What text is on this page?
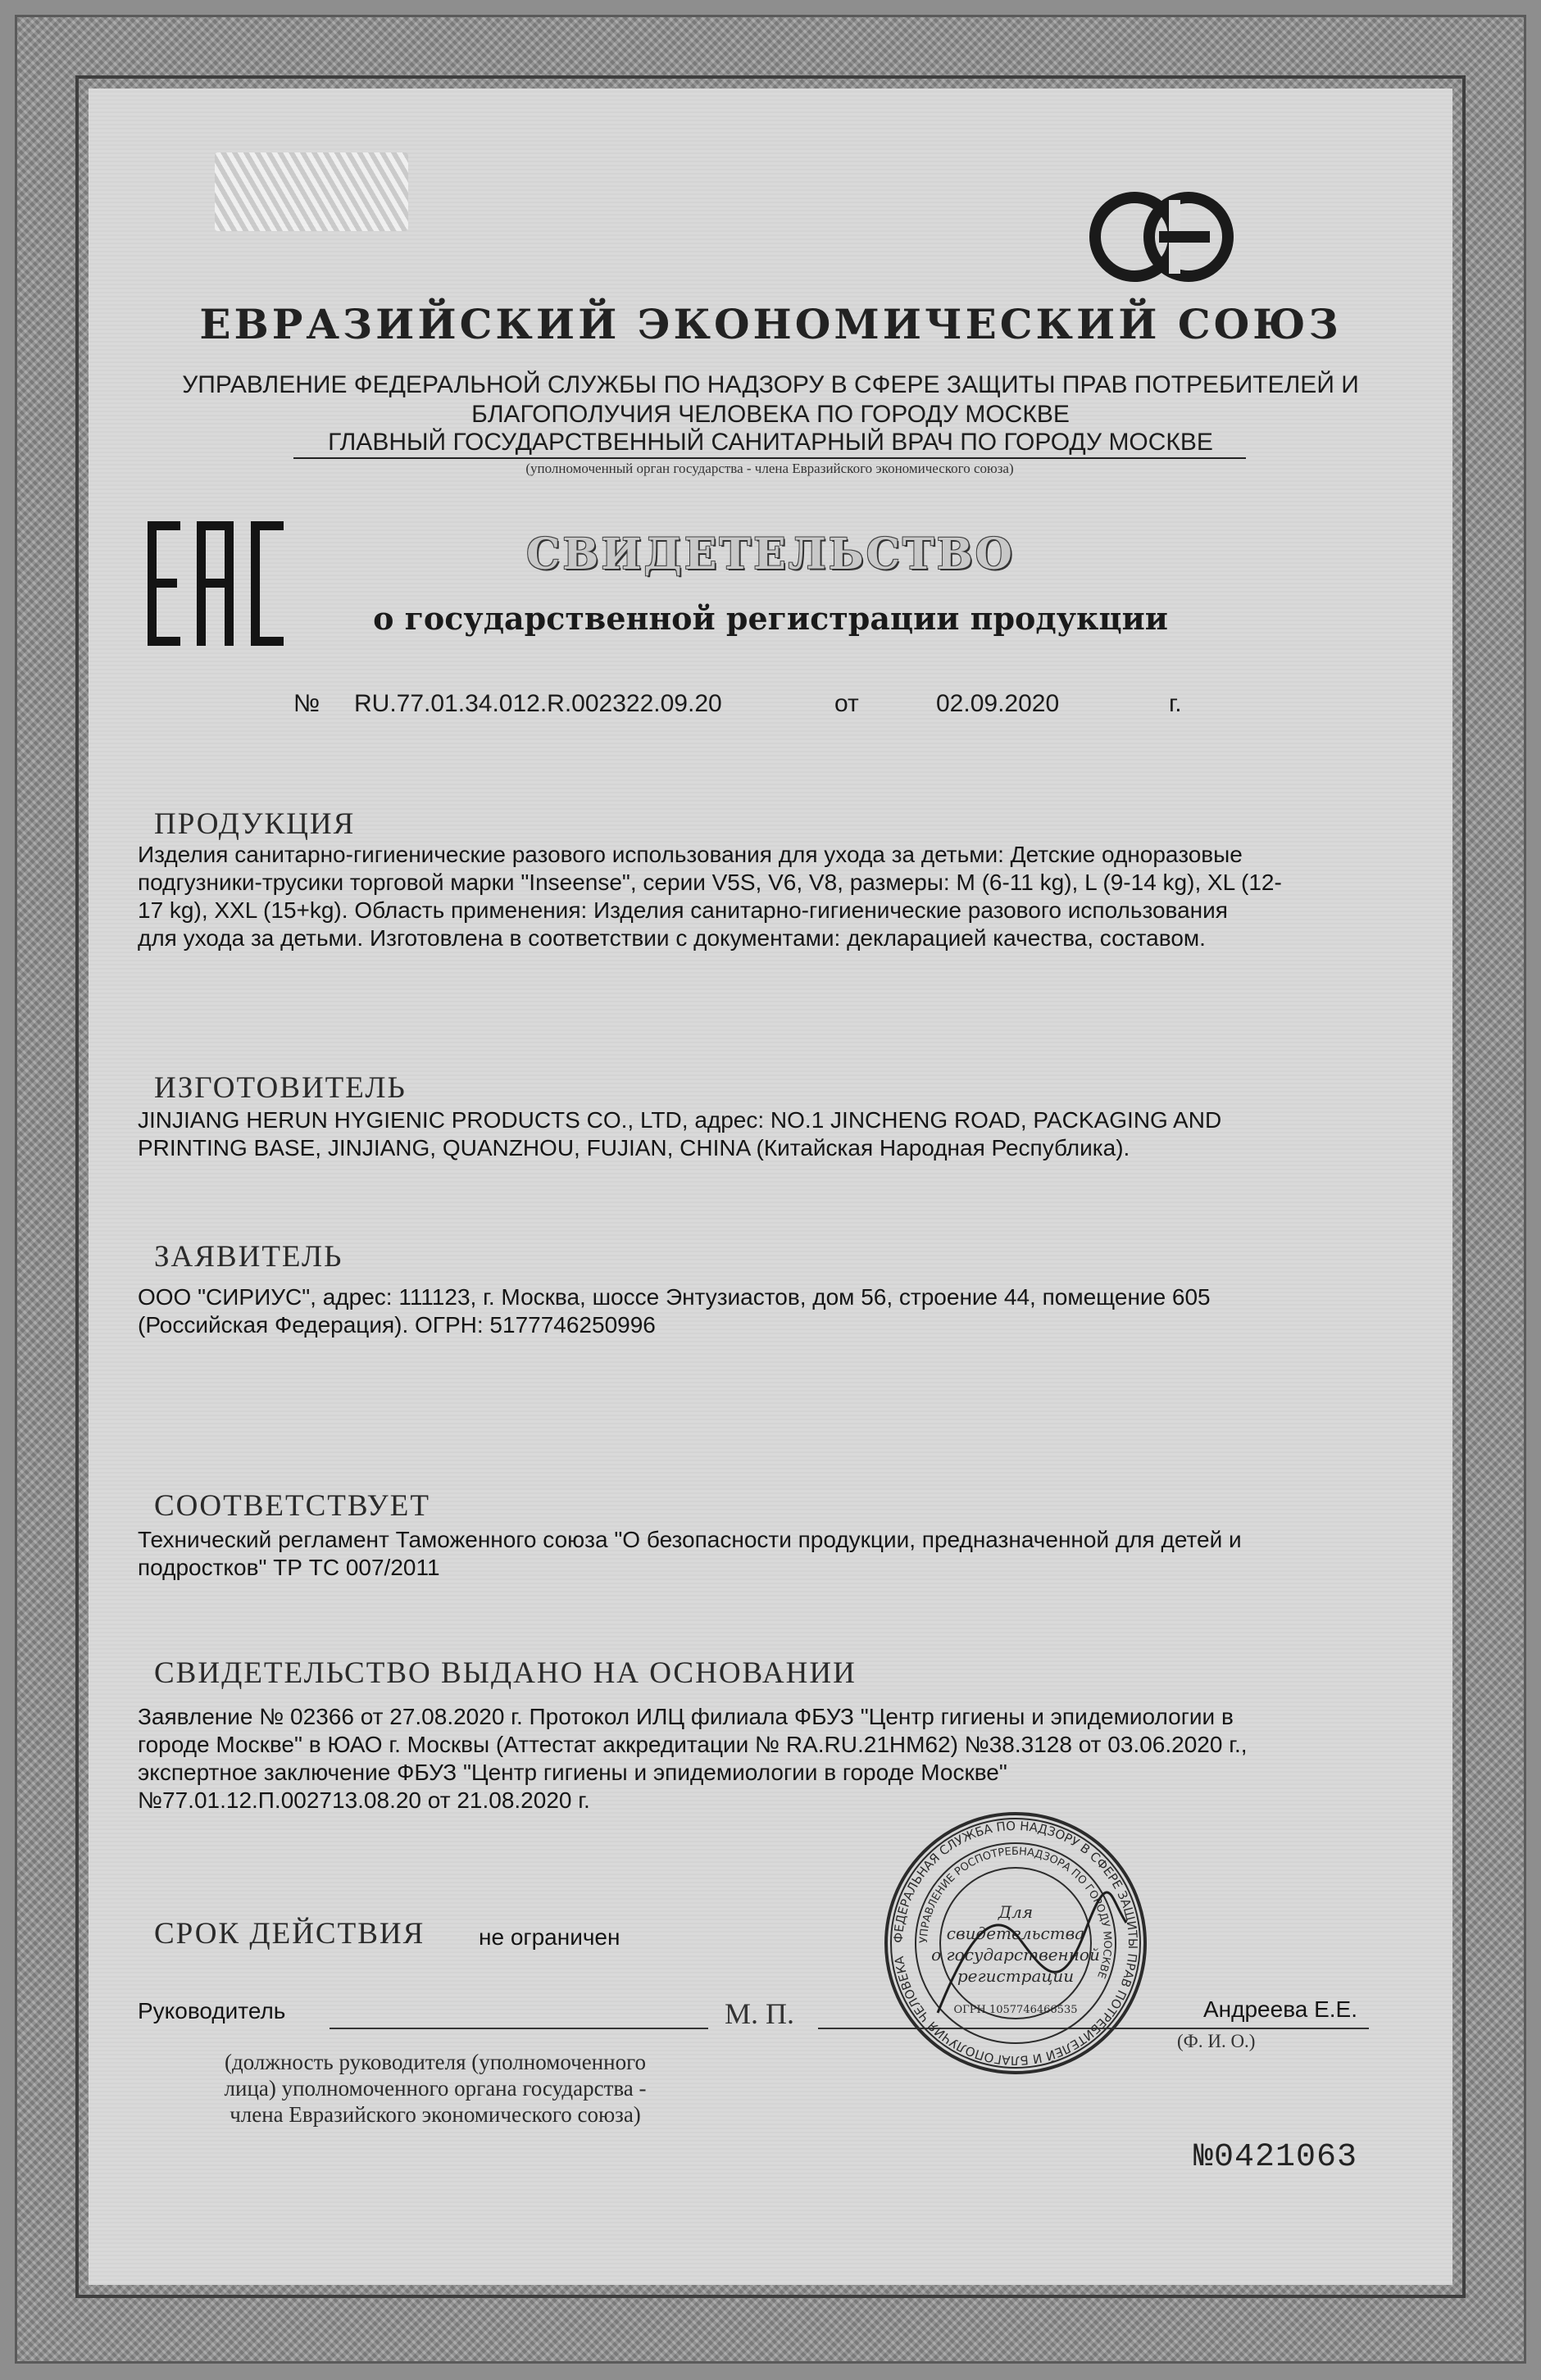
ЕВРАЗИЙСКИЙ ЭКОНОМИЧЕСКИЙ СОЮЗ
УПРАВЛЕНИЕ ФЕДЕРАЛЬНОЙ СЛУЖБЫ ПО НАДЗОРУ В СФЕРЕ ЗАЩИТЫ ПРАВ ПОТРЕБИТЕЛЕЙ И
БЛАГОПОЛУЧИЯ ЧЕЛОВЕКА ПО ГОРОДУ МОСКВЕ
ГЛАВНЫЙ ГОСУДАРСТВЕННЫЙ САНИТАРНЫЙ ВРАЧ ПО ГОРОДУ МОСКВЕ
(уполномоченный орган государства - члена Евразийского экономического союза)
СВИДЕТЕЛЬСТВО
о государственной регистрации продукции
№ RU.77.01.34.012.R.002322.09.20	от	02.09.2020	г.
ПРОДУКЦИЯ
Изделия санитарно-гигиенические разового использования для ухода за детьми: Детские одноразовые
подгузники-трусики торговой марки "Inseense", серии V5S, V6, V8, размеры: M (6-11 kg), L (9-14 kg), XL (12-
17 kg), XXL (15+kg). Область применения: Изделия санитарно-гигиенические разового использования
для ухода за детьми. Изготовлена в соответствии с документами: декларацией качества, составом.
ИЗГОТОВИТЕЛЬ
JINJIANG HERUN HYGIENIC PRODUCTS CO., LTD, адрес: NO.1 JINCHENG ROAD, PACKAGING AND
PRINTING BASE, JINJIANG, QUANZHOU, FUJIAN, CHINA (Китайская Народная Республика).
ЗАЯВИТЕЛЬ
ООО "СИРИУС", адрес: 111123, г. Москва, шоссе Энтузиастов, дом 56, строение 44, помещение 605
(Российская Федерация). ОГРН: 5177746250996
СООТВЕТСТВУЕТ
Технический регламент Таможенного союза "О безопасности продукции, предназначенной для детей и
подростков" ТР ТС 007/2011
СВИДЕТЕЛЬСТВО ВЫДАНО НА ОСНОВАНИИ
Заявление № 02366 от 27.08.2020 г. Протокол ИЛЦ филиала ФБУЗ "Центр гигиены и эпидемиологии в
городе Москве" в ЮАО г. Москвы (Аттестат аккредитации № RA.RU.21НМ62) №38.3128 от 03.06.2020 г.,
экспертное заключение ФБУЗ "Центр гигиены и эпидемиологии в городе Москве"
№77.01.12.П.002713.08.20 от 21.08.2020 г.
СРОК ДЕЙСТВИЯ не ограничен
Руководитель	М. П.	Андреева Е.Е.
(Ф. И. О.)
(должность руководителя (уполномоченного
лица) уполномоченного органа государства -
члена Евразийского экономического союза)
ФЕДЕРАЛЬНАЯ СЛУЖБА ПО НАДЗОРУ В СФЕРЕ ЗАЩИТЫ ПРАВ ПОТРЕБИТЕЛЕЙ И БЛАГОПОЛУЧИЯ ЧЕЛОВЕКА
УПРАВЛЕНИЕ РОСПОТРЕБНАДЗОРА ПО ГОРОДУ МОСКВЕ
Для
свидетельства
о государственной
регистрации
ОГРН 1057746466535
№0421063
